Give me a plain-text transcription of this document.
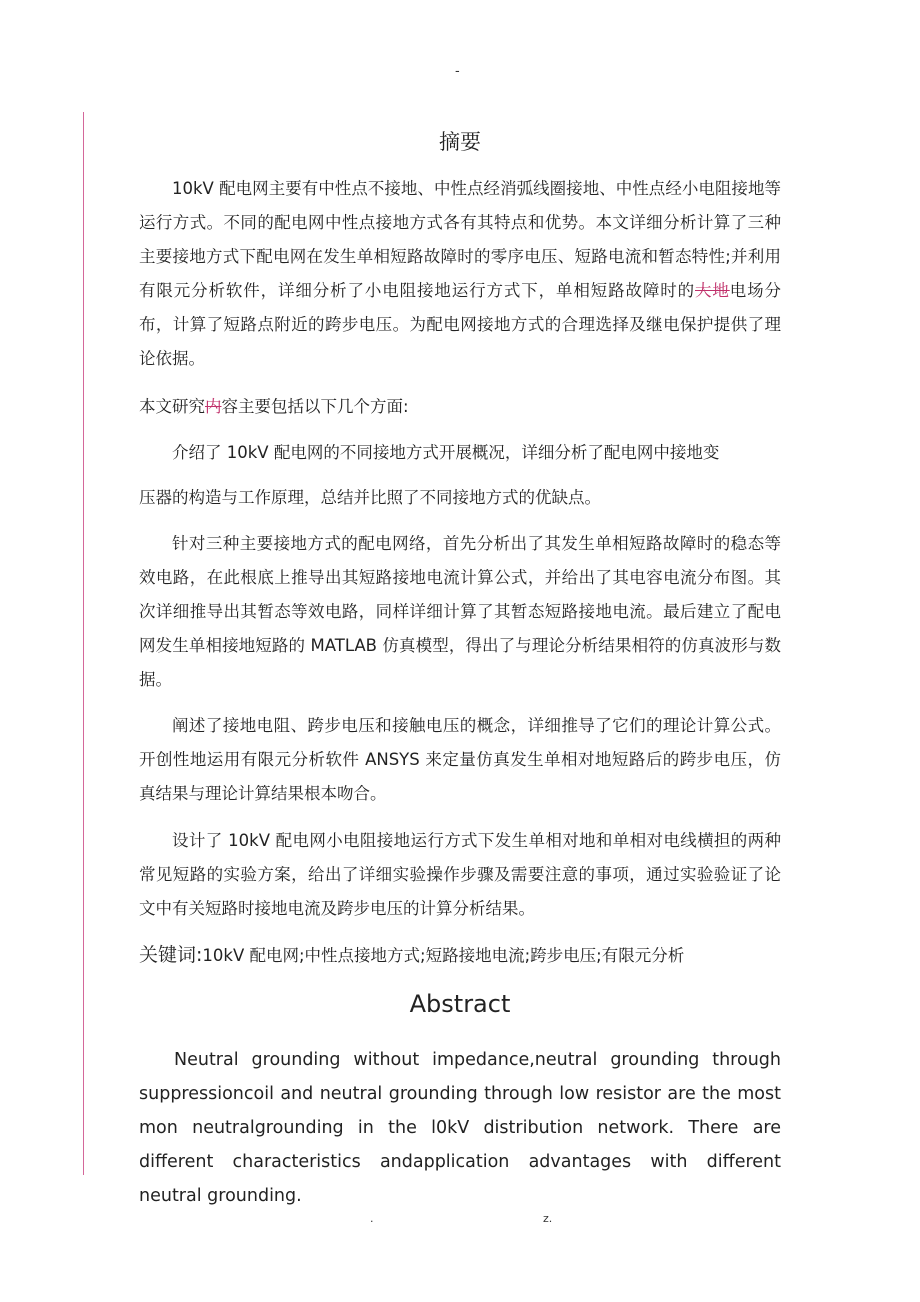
-
摘要
10kV 配电网主要有中性点不接地、中性点经消弧线圈接地、中性点经小电阻接地等运行方式。不同的配电网中性点接地方式各有其特点和优势。本文详细分析计算了三种主要接地方式下配电网在发生单相短路故障时的零序电压、短路电流和暂态特性;并利用有限元分析软件，详细分析了小电阻接地运行方式下，单相短路故障时的大地电场分布，计算了短路点附近的跨步电压。为配电网接地方式的合理选择及继电保护提供了理论依据。
本文研究内容主要包括以下几个方面:
介绍了 10kV 配电网的不同接地方式开展概况，详细分析了配电网中接地变
压器的构造与工作原理，总结并比照了不同接地方式的优缺点。
针对三种主要接地方式的配电网络，首先分析出了其发生单相短路故障时的稳态等效电路，在此根底上推导出其短路接地电流计算公式，并给出了其电容电流分布图。其次详细推导出其暂态等效电路，同样详细计算了其暂态短路接地电流。最后建立了配电网发生单相接地短路的 MATLAB 仿真模型，得出了与理论分析结果相符的仿真波形与数据。
阐述了接地电阻、跨步电压和接触电压的概念，详细推导了它们的理论计算公式。开创性地运用有限元分析软件 ANSYS 来定量仿真发生单相对地短路后的跨步电压，仿真结果与理论计算结果根本吻合。
设计了 10kV 配电网小电阻接地运行方式下发生单相对地和单相对电线横担的两种常见短路的实验方案，给出了详细实验操作步骤及需要注意的事项，通过实验验证了论文中有关短路时接地电流及跨步电压的计算分析结果。
关键词:10kV 配电网;中性点接地方式;短路接地电流;跨步电压;有限元分析
Abstract
Neutral grounding without impedance,neutral grounding through suppressioncoil and neutral grounding through low resistor are the most mon neutralgrounding in the l0kV distribution network. There are different characteristics andapplication advantages with different neutral grounding.
.	z.
